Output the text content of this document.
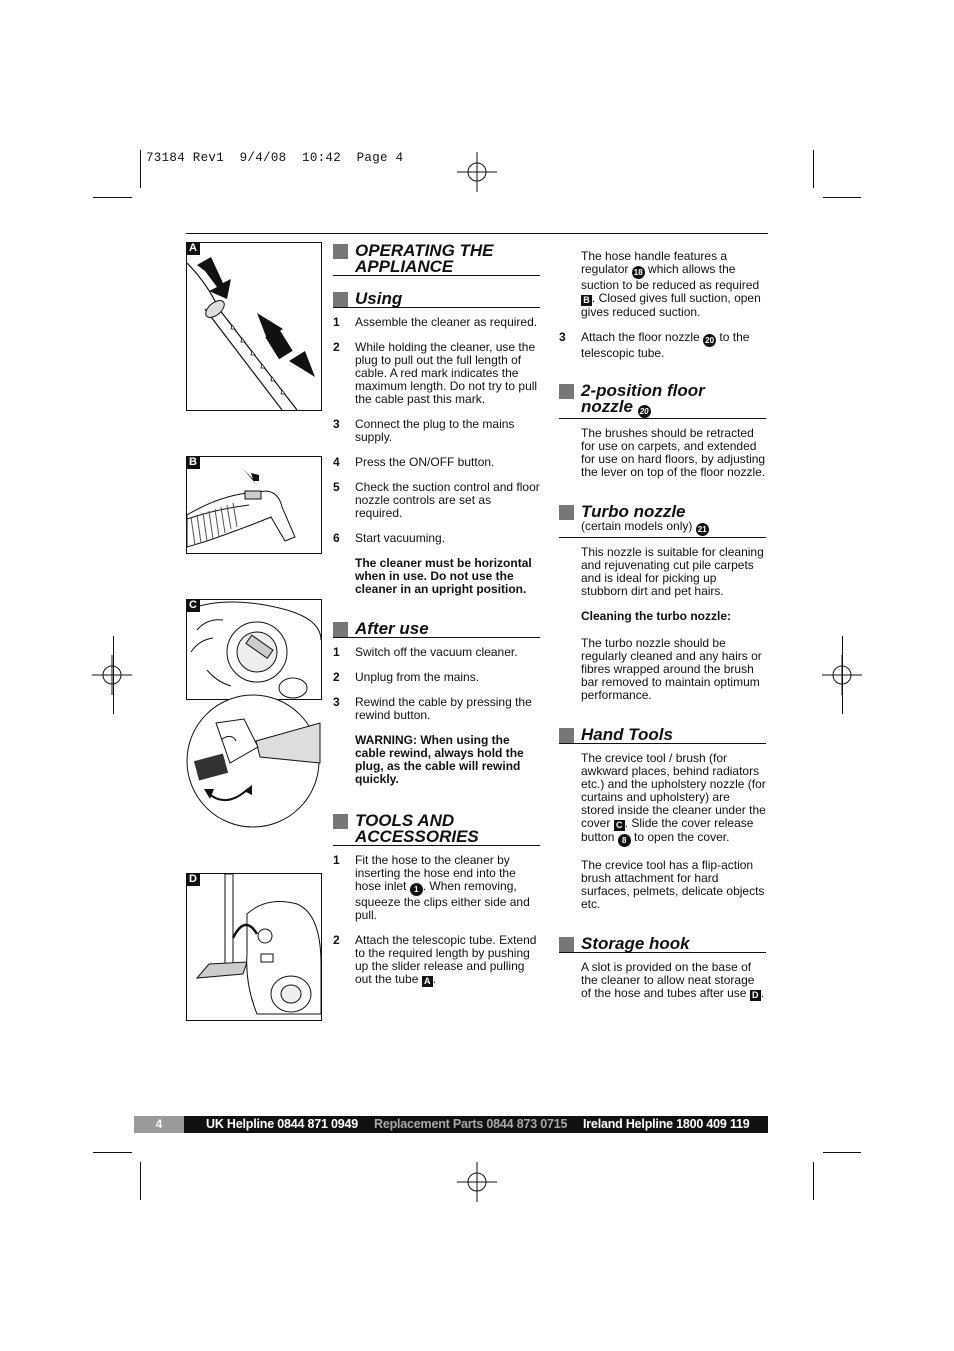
73184 Rev1  9/4/08  10:42  Page 4
A
B
C
D
OPERATING THE APPLIANCE
Using
1 Assemble the cleaner as required.
2 While holding the cleaner, use the plug to pull out the full length of cable. A red mark indicates the maximum length. Do not try to pull the cable past this mark.
3 Connect the plug to the mains supply.
4 Press the ON/OFF button.
5 Check the suction control and floor nozzle controls are set as required.
6 Start vacuuming.
The cleaner must be horizontal when in use. Do not use the cleaner in an upright position.
After use
1 Switch off the vacuum cleaner.
2 Unplug from the mains.
3 Rewind the cable by pressing the rewind button.
WARNING: When using the cable rewind, always hold the plug, as the cable will rewind quickly.
TOOLS AND ACCESSORIES
1 Fit the hose to the cleaner by inserting the hose end into the hose inlet 1 . When removing, squeeze the clips either side and pull.
2 Attach the telescopic tube. Extend to the required length by pushing up the slider release and pulling out the tube A .
The hose handle features a regulator 18 which allows the suction to be reduced as required B . Closed gives full suction, open gives reduced suction.
3 Attach the floor nozzle 20 to the telescopic tube.
2-position floor nozzle 20
The brushes should be retracted for use on carpets, and extended for use on hard floors, by adjusting the lever on top of the floor nozzle.
Turbo nozzle
(certain models only) 21
This nozzle is suitable for cleaning and rejuvenating cut pile carpets and is ideal for picking up stubborn dirt and pet hairs.
Cleaning the turbo nozzle:
The turbo nozzle should be regularly cleaned and any hairs or fibres wrapped around the brush bar removed to maintain optimum performance.
Hand Tools
The crevice tool / brush (for awkward places, behind radiators etc.) and the upholstery nozzle (for curtains and upholstery) are stored inside the cleaner under the cover C . Slide the cover release button 8 to open the cover.
The crevice tool has a flip-action brush attachment for hard surfaces, pelmets, delicate objects etc.
Storage hook
A slot is provided on the base of the cleaner to allow neat storage of the hose and tubes after use D .
4	UK Helpline 0844 871 0949 Replacement Parts 0844 873 0715 Ireland Helpline 1800 409 119
